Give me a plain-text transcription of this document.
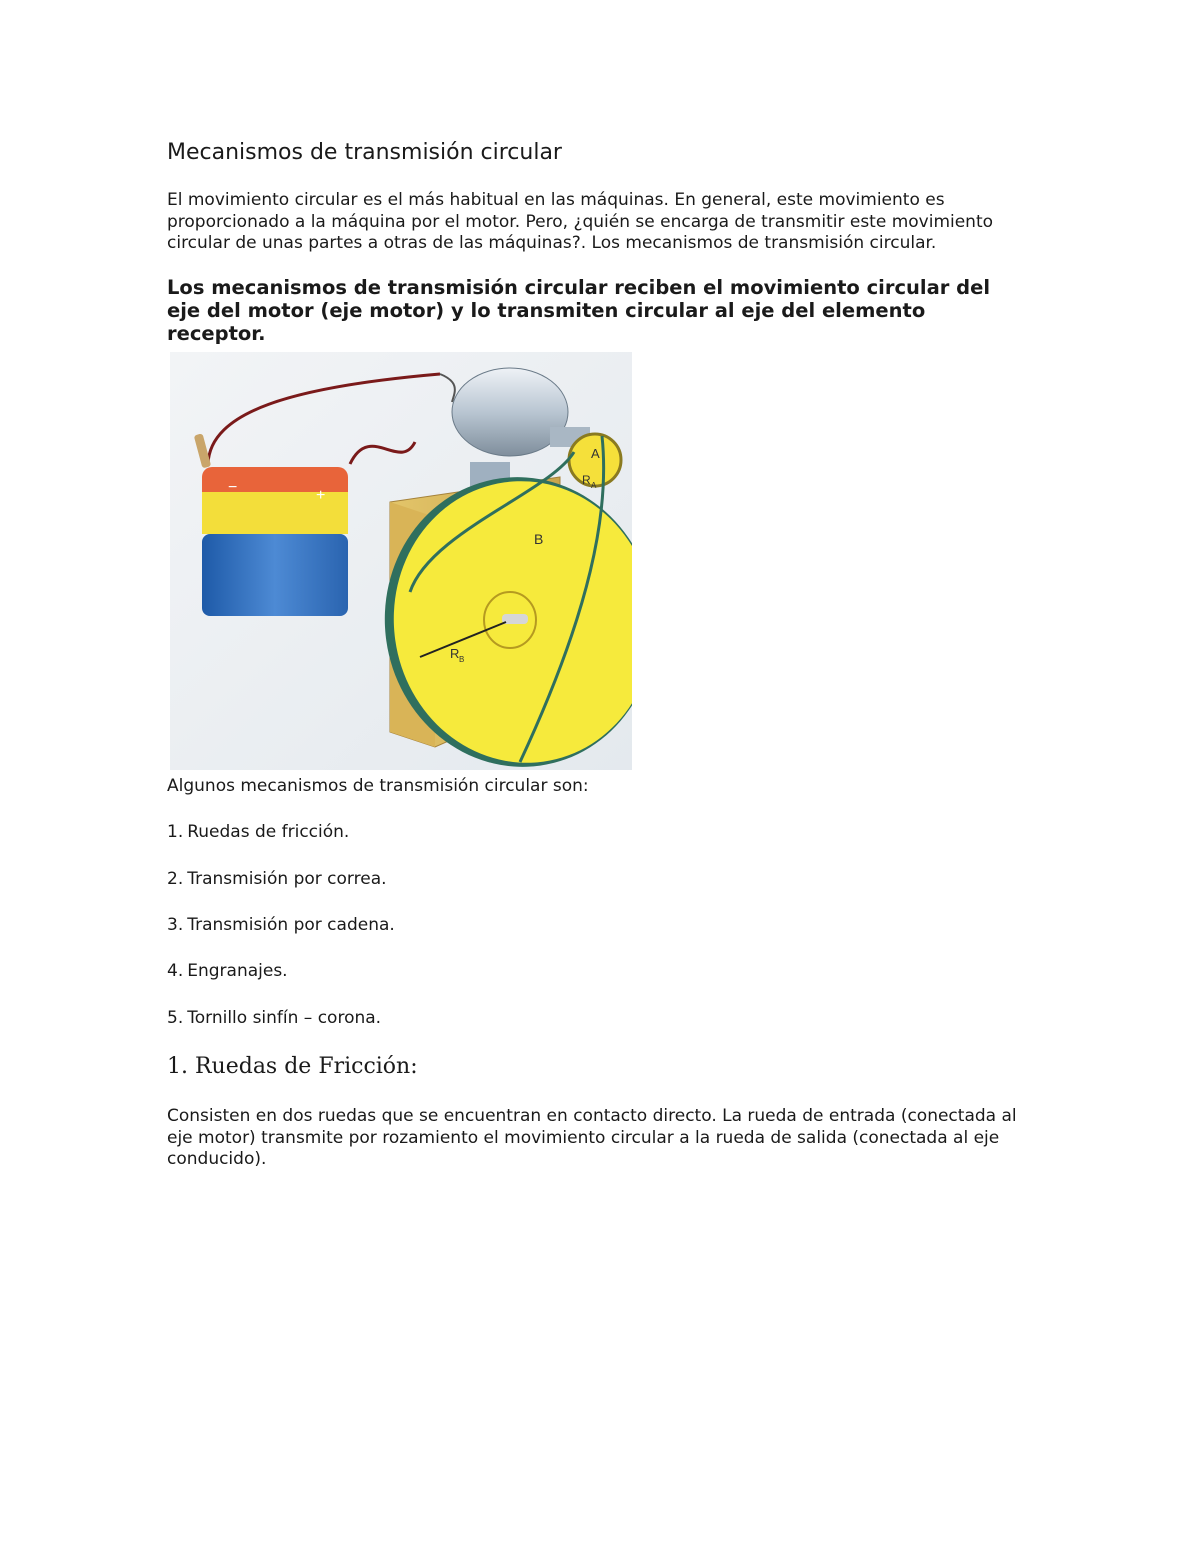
Mecanismos de transmisión circular

El movimiento circular es el más habitual en las máquinas. En general, este movimiento es proporcionado a la máquina por el motor. Pero, ¿quién se encarga de transmitir este movimiento circular de unas partes a otras de las máquinas?. Los mecanismos de transmisión circular.

Los mecanismos de transmisión circular reciben el movimiento circular del eje del motor (eje motor) y lo transmiten circular al eje del elemento receptor.

−	+
A
R A
B
R B

Algunos mecanismos de transmisión circular son:

1. Ruedas de fricción.

2. Transmisión por correa.

3. Transmisión por cadena.

4. Engranajes.

5. Tornillo sinfín – corona.

1. Ruedas de Fricción:

Consisten en dos ruedas que se encuentran en contacto directo. La rueda de entrada (conectada al eje motor) transmite por rozamiento el movimiento circular a la rueda de salida (conectada al eje conducido).
